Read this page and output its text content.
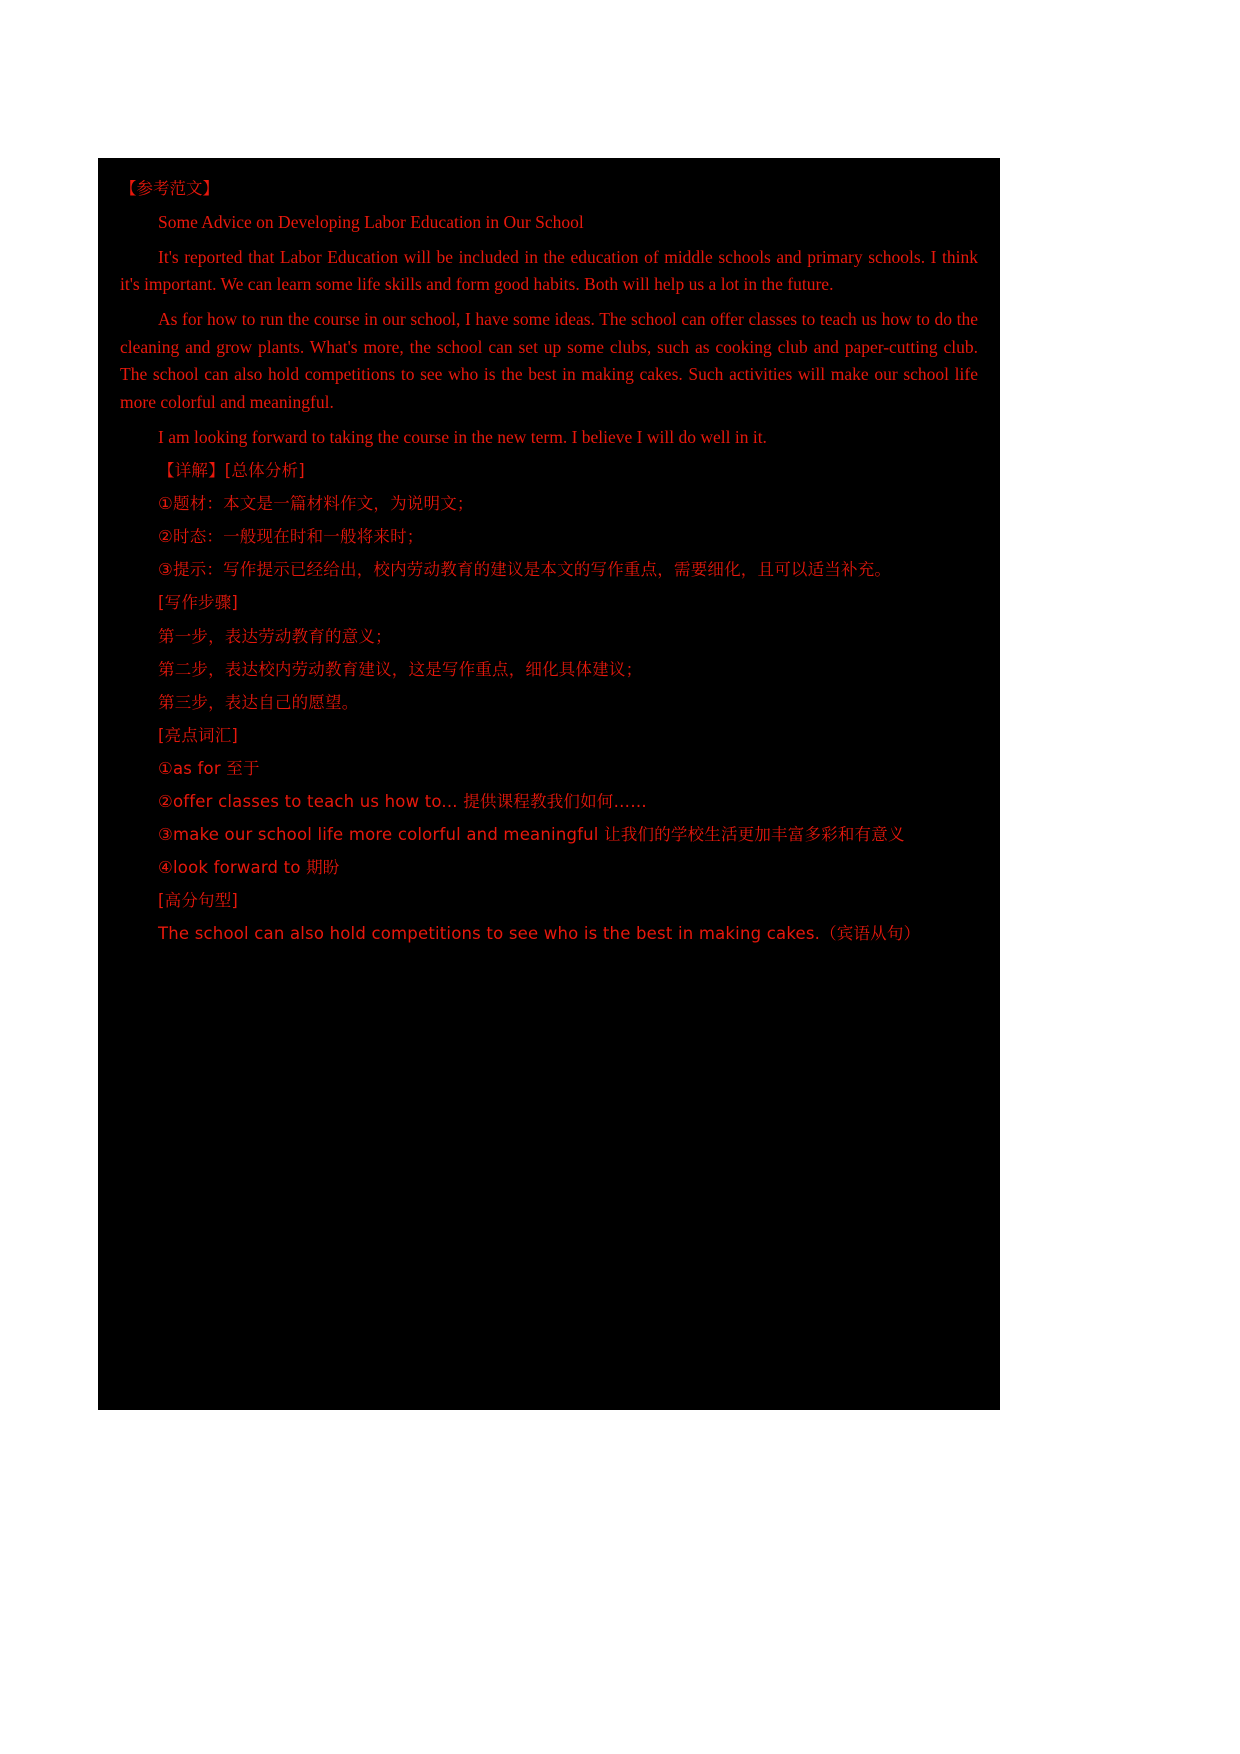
【参考范文】

Some Advice on Developing Labor Education in Our School

It's reported that Labor Education will be included in the education of middle schools and primary schools. I think it's important. We can learn some life skills and form good habits. Both will help us a lot in the future.

As for how to run the course in our school, I have some ideas. The school can offer classes to teach us how to do the cleaning and grow plants. What's more, the school can set up some clubs, such as cooking club and paper-cutting club. The school can also hold competitions to see who is the best in making cakes. Such activities will make our school life more colorful and meaningful.

I am looking forward to taking the course in the new term. I believe I will do well in it.

【详解】[总体分析]

①题材：本文是一篇材料作文，为说明文；

②时态：一般现在时和一般将来时；

③提示：写作提示已经给出，校内劳动教育的建议是本文的写作重点，需要细化，且可以适当补充。

[写作步骤]

第一步，表达劳动教育的意义；

第二步，表达校内劳动教育建议，这是写作重点，细化具体建议；

第三步，表达自己的愿望。

[亮点词汇]

①as for 至于

②offer classes to teach us how to... 提供课程教我们如何……

③make our school life more colorful and meaningful 让我们的学校生活更加丰富多彩和有意义

④look forward to 期盼

[高分句型]

The school can also hold competitions to see who is the best in making cakes.（宾语从句）
